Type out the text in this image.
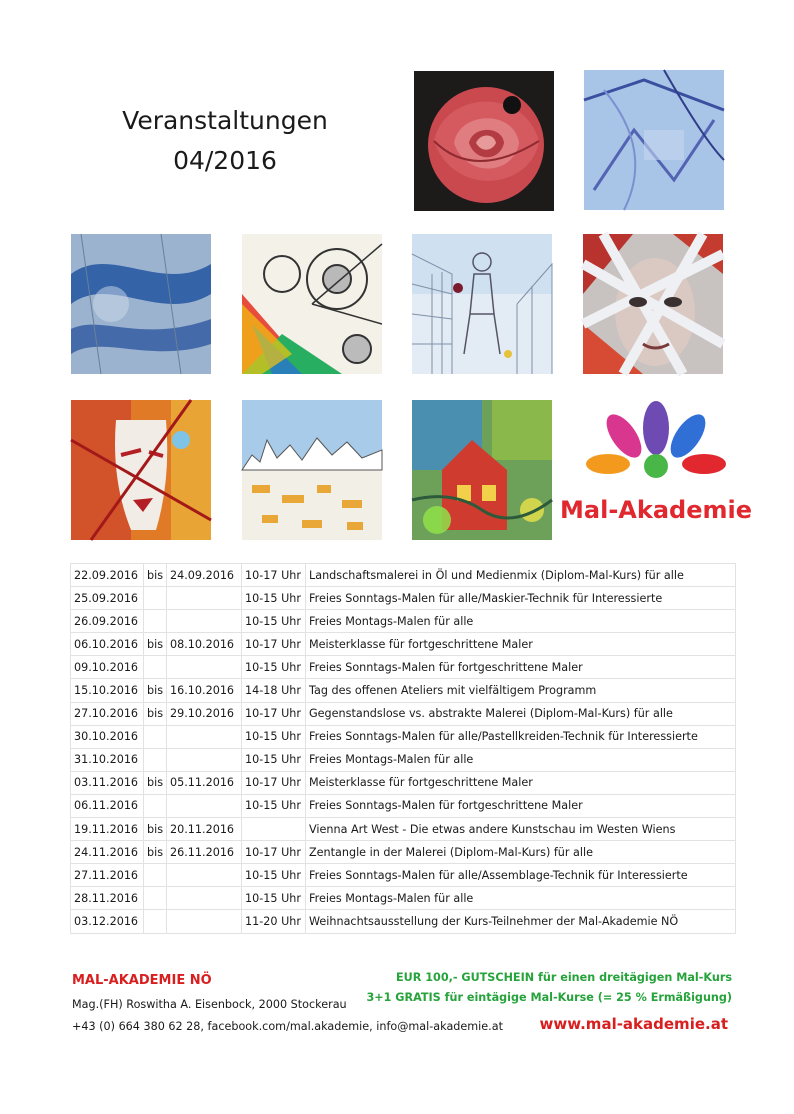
Veranstaltungen
04/2016
Mal-Akademie
22.09.2016	bis	24.09.2016	10-17 Uhr	Landschaftsmalerei in Öl und Medienmix (Diplom-Mal-Kurs) für alle
25.09.2016			10-15 Uhr	Freies Sonntags-Malen für alle/Maskier-Technik für Interessierte
26.09.2016			10-15 Uhr	Freies Montags-Malen für alle
06.10.2016	bis	08.10.2016	10-17 Uhr	Meisterklasse für fortgeschrittene Maler
09.10.2016			10-15 Uhr	Freies Sonntags-Malen für fortgeschrittene Maler
15.10.2016	bis	16.10.2016	14-18 Uhr	Tag des offenen Ateliers mit vielfältigem Programm
27.10.2016	bis	29.10.2016	10-17 Uhr	Gegenstandslose vs. abstrakte Malerei (Diplom-Mal-Kurs) für alle
30.10.2016			10-15 Uhr	Freies Sonntags-Malen für alle/Pastellkreiden-Technik für Interessierte
31.10.2016			10-15 Uhr	Freies Montags-Malen für alle
03.11.2016	bis	05.11.2016	10-17 Uhr	Meisterklasse für fortgeschrittene Maler
06.11.2016			10-15 Uhr	Freies Sonntags-Malen für fortgeschrittene Maler
19.11.2016	bis	20.11.2016		Vienna Art West - Die etwas andere Kunstschau im Westen Wiens
24.11.2016	bis	26.11.2016	10-17 Uhr	Zentangle in der Malerei (Diplom-Mal-Kurs) für alle
27.11.2016			10-15 Uhr	Freies Sonntags-Malen für alle/Assemblage-Technik für Interessierte
28.11.2016			10-15 Uhr	Freies Montags-Malen für alle
03.12.2016			11-20 Uhr	Weihnachtsausstellung der Kurs-Teilnehmer der Mal-Akademie NÖ
MAL-AKADEMIE NÖ
Mag.(FH) Roswitha A. Eisenbock, 2000 Stockerau
+43 (0) 664 380 62 28, facebook.com/mal.akademie, info@mal-akademie.at
EUR 100,- GUTSCHEIN für einen dreitägigen Mal-Kurs
3+1 GRATIS für eintägige Mal-Kurse (= 25 % Ermäßigung)
www.mal-akademie.at
